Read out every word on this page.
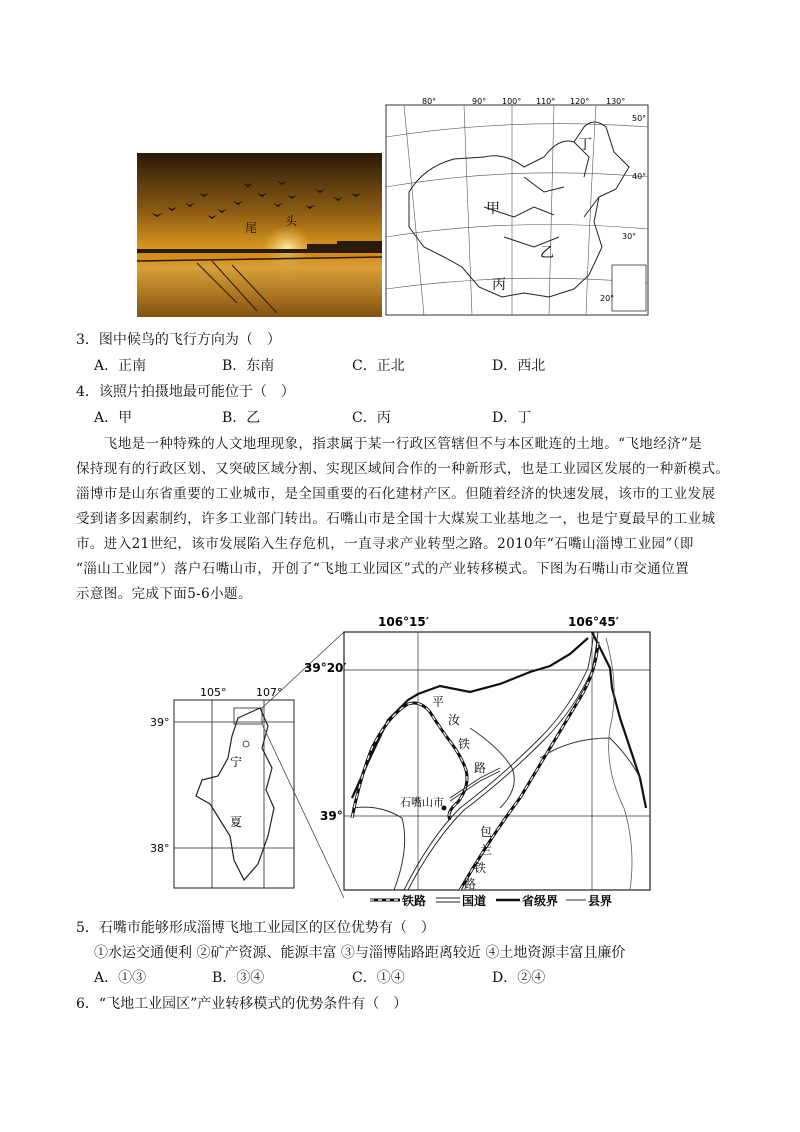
尾 头
80°	90° 100° 110° 120° 130°
50°
40°
30°
20°
甲
乙
丙
丁
3．图中候鸟的飞行方向为（　）
A．正南	B．东南	C．正北	D．西北
4．该照片拍摄地最可能位于（　）
A．甲	B．乙	C．丙	D．丁

　　飞地是一种特殊的人文地理现象，指隶属于某一行政区管辖但不与本区毗连的土地。“飞地经济”是

保持现有的行政区划、又突破区域分割、实现区域间合作的一种新形式，也是工业园区发展的一种新模式。

淄博市是山东省重要的工业城市，是全国重要的石化建材产区。但随着经济的快速发展，该市的工业发展

受到诸多因素制约，许多工业部门转出。石嘴山市是全国十大煤炭工业基地之一，也是宁夏最早的工业城

市。进入21世纪，该市发展陷入生存危机，一直寻求产业转型之路。2010年“石嘴山淄博工业园”（即

“淄山工业园”）落户石嘴山市，开创了“飞地工业园区”式的产业转移模式。下图为石嘴山市交通位置

示意图。完成下面5-6小题。

105°	107°
39°
38°
宁
夏
石嘴山市
106°15′	106°45′
39°20′
39°
平
汝
铁
路
包
兰
铁
路
铁路	国道	省级界 县界
5．石嘴市能够形成淄博飞地工业园区的区位优势有（　）
①水运交通便利 ②矿产资源、能源丰富 ③与淄博陆路距离较近 ④土地资源丰富且廉价
A．①③	B．③④	C．①④	D．②④
6．“飞地工业园区”产业转移模式的优势条件有（　）
